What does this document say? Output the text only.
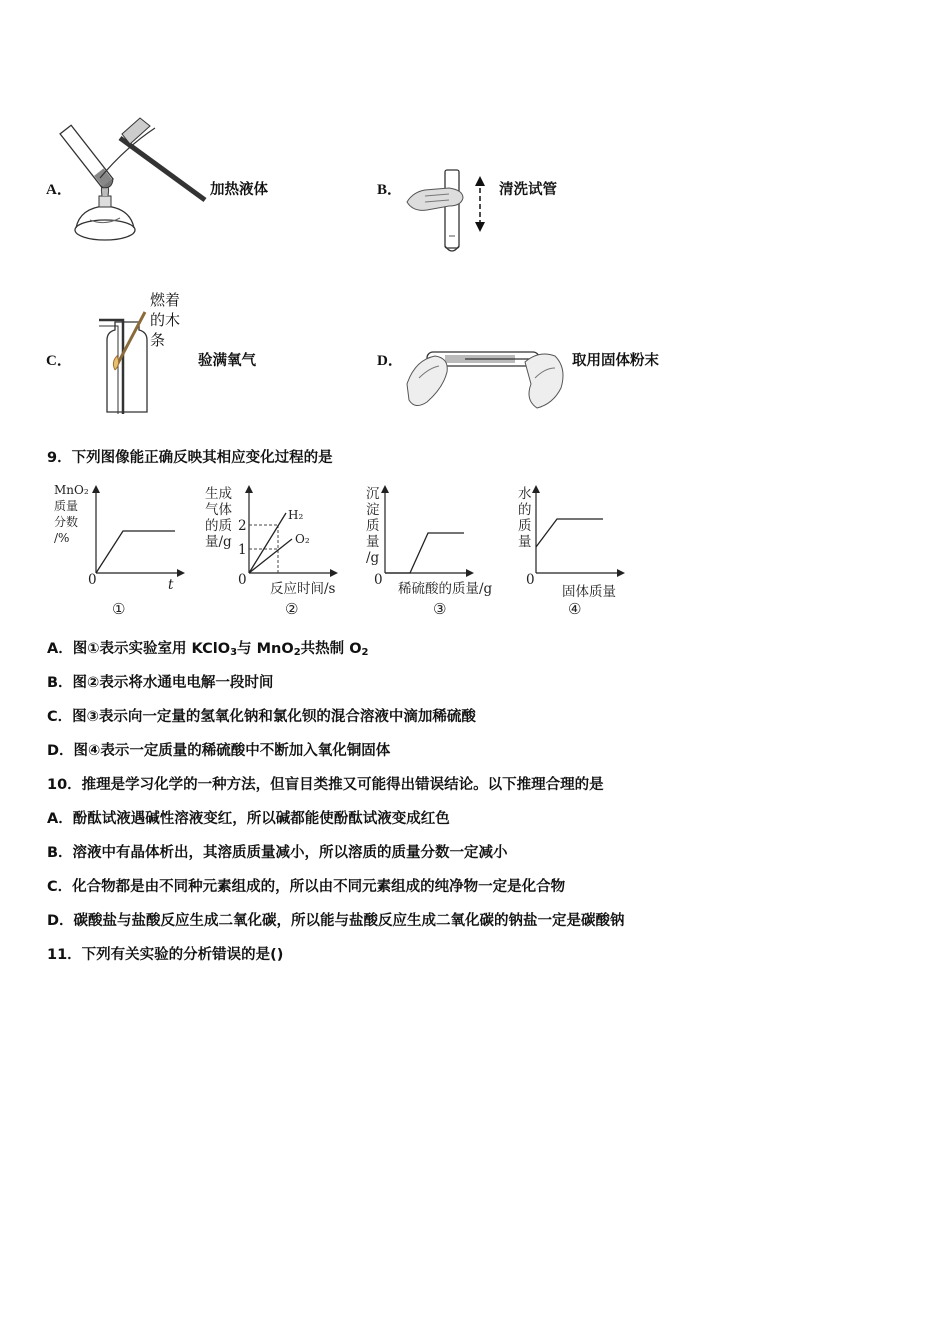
A．	加热液体	B．	清洗试管
C．
燃着
的木
条
验满氧气	D．	取用固体粉末
9．下列图像能正确反映其相应变化过程的是
MnO₂
质量
分数
/%
0	t
①
生成
气体
的质
量/g
2
1
H₂
O₂
0
反应时间/s
②
沉
淀
质
量
/g
0
稀硫酸的质量/g
③
水
的
质
量
0
固体质量
④
A．图①表示实验室用 KClO$_3$与 MnO$_2$共热制 $O_2$
B．图②表示将水通电电解一段时间
C．图③表示向一定量的氢氧化钠和氯化钡的混合溶液中滴加稀硫酸
D．图④表示一定质量的稀硫酸中不断加入氧化铜固体
10．推理是学习化学的一种方法，但盲目类推又可能得出错误结论。以下推理合理的是
A．酚酞试液遇碱性溶液变红，所以碱都能使酚酞试液变成红色
B．溶液中有晶体析出，其溶质质量减小，所以溶质的质量分数一定减小
C．化合物都是由不同种元素组成的，所以由不同元素组成的纯净物一定是化合物
D．碳酸盐与盐酸反应生成二氧化碳，所以能与盐酸反应生成二氧化碳的钠盐一定是碳酸钠
11．下列有关实验的分析错误的是()
